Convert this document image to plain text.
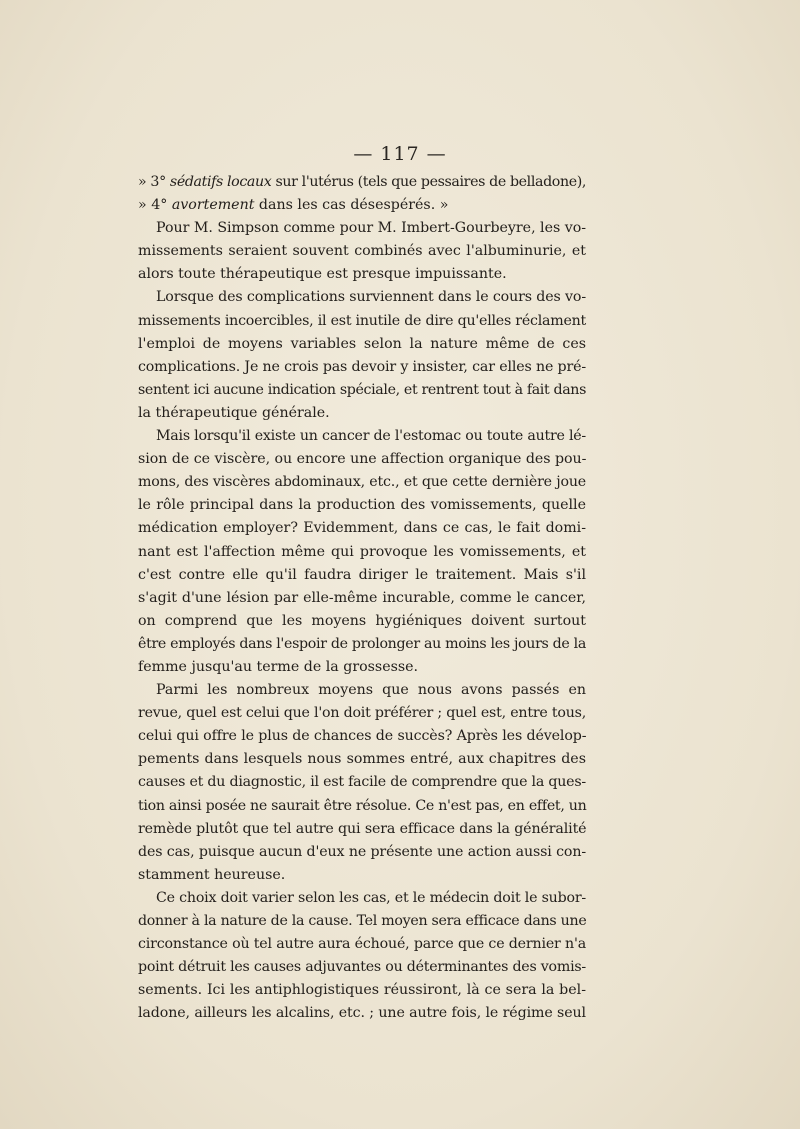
— 117 —
» 3° sédatifs locaux sur l'utérus (tels que pessaires de belladone),
» 4° avortement dans les cas désespérés. »
Pour M. Simpson comme pour M. Imbert-Gourbeyre, les vo-
missements seraient souvent combinés avec l'albuminurie, et
alors toute thérapeutique est presque impuissante.
Lorsque des complications surviennent dans le cours des vo-
missements incoercibles, il est inutile de dire qu'elles réclament
l'emploi de moyens variables selon la nature même de ces
complications. Je ne crois pas devoir y insister, car elles ne pré-
sentent ici aucune indication spéciale, et rentrent tout à fait dans
la thérapeutique générale.
Mais lorsqu'il existe un cancer de l'estomac ou toute autre lé-
sion de ce viscère, ou encore une affection organique des pou-
mons, des viscères abdominaux, etc., et que cette dernière joue
le rôle principal dans la production des vomissements, quelle
médication employer? Evidemment, dans ce cas, le fait domi-
nant est l'affection même qui provoque les vomissements, et
c'est contre elle qu'il faudra diriger le traitement. Mais s'il
s'agit d'une lésion par elle-même incurable, comme le cancer,
on comprend que les moyens hygiéniques doivent surtout
être employés dans l'espoir de prolonger au moins les jours de la
femme jusqu'au terme de la grossesse.
Parmi les nombreux moyens que nous avons passés en
revue, quel est celui que l'on doit préférer ; quel est, entre tous,
celui qui offre le plus de chances de succès? Après les dévelop-
pements dans lesquels nous sommes entré, aux chapitres des
causes et du diagnostic, il est facile de comprendre que la ques-
tion ainsi posée ne saurait être résolue. Ce n'est pas, en effet, un
remède plutôt que tel autre qui sera efficace dans la généralité
des cas, puisque aucun d'eux ne présente une action aussi con-
stamment heureuse.
Ce choix doit varier selon les cas, et le médecin doit le subor-
donner à la nature de la cause. Tel moyen sera efficace dans une
circonstance où tel autre aura échoué, parce que ce dernier n'a
point détruit les causes adjuvantes ou déterminantes des vomis-
sements. Ici les antiphlogistiques réussiront, là ce sera la bel-
ladone, ailleurs les alcalins, etc. ; une autre fois, le régime seul
